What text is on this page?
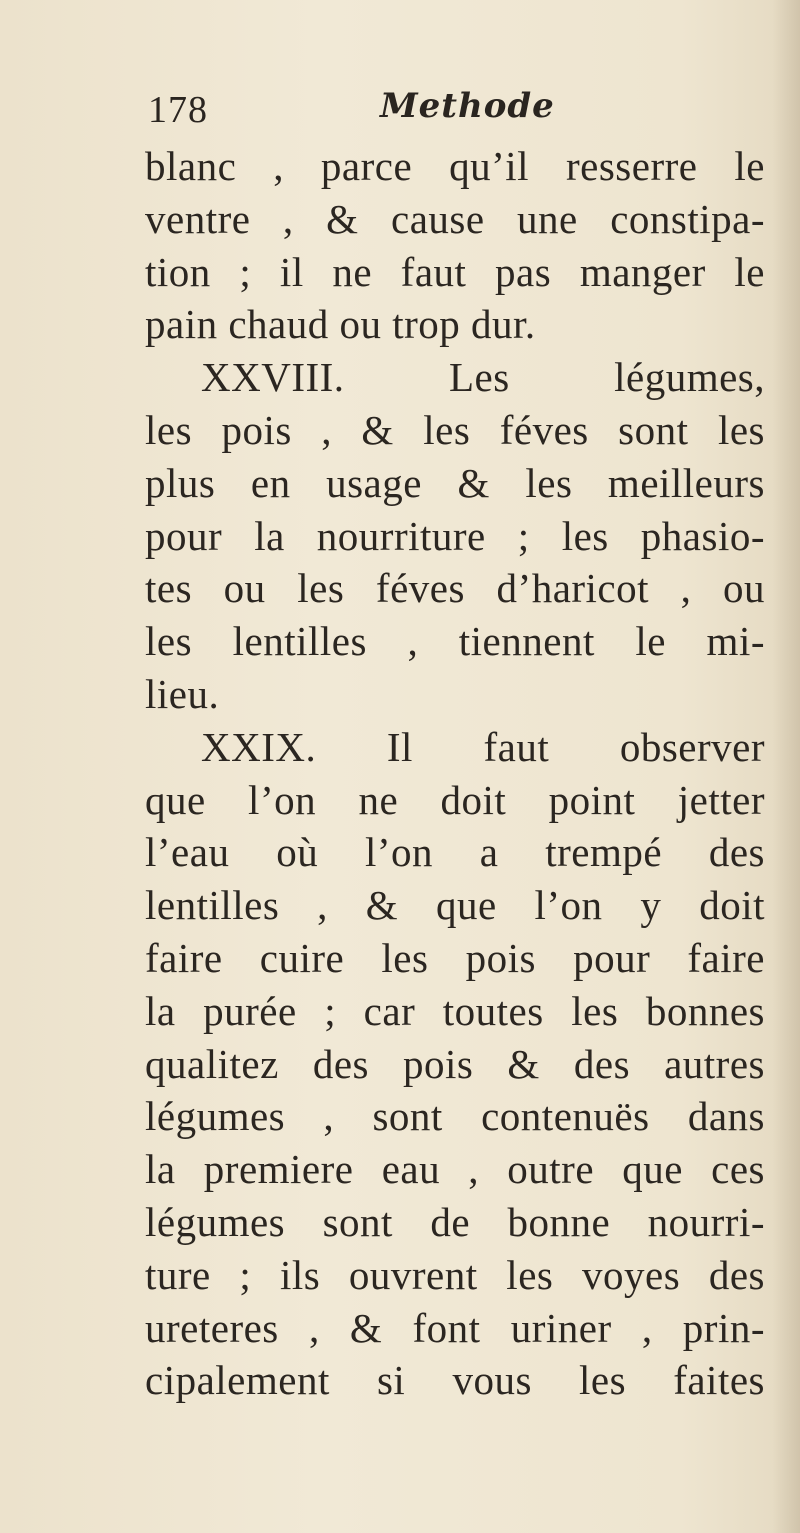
178	Methode
blanc , parce qu’il resserre le
ventre , & cause une constipa-
tion ; il ne faut pas manger le
pain chaud ou trop dur.
XXVIII. Les légumes,
les pois , & les féves sont les
plus en usage & les meilleurs
pour la nourriture ; les phasio-
tes ou les féves d’haricot , ou
les lentilles , tiennent le mi-
lieu.
XXIX. Il faut observer
que l’on ne doit point jetter
l’eau où l’on a trempé des
lentilles , & que l’on y doit
faire cuire les pois pour faire
la purée ; car toutes les bonnes
qualitez des pois & des autres
légumes , sont contenuës dans
la premiere eau , outre que ces
légumes sont de bonne nourri-
ture ; ils ouvrent les voyes des
ureteres , & font uriner , prin-
cipalement si vous les faites
